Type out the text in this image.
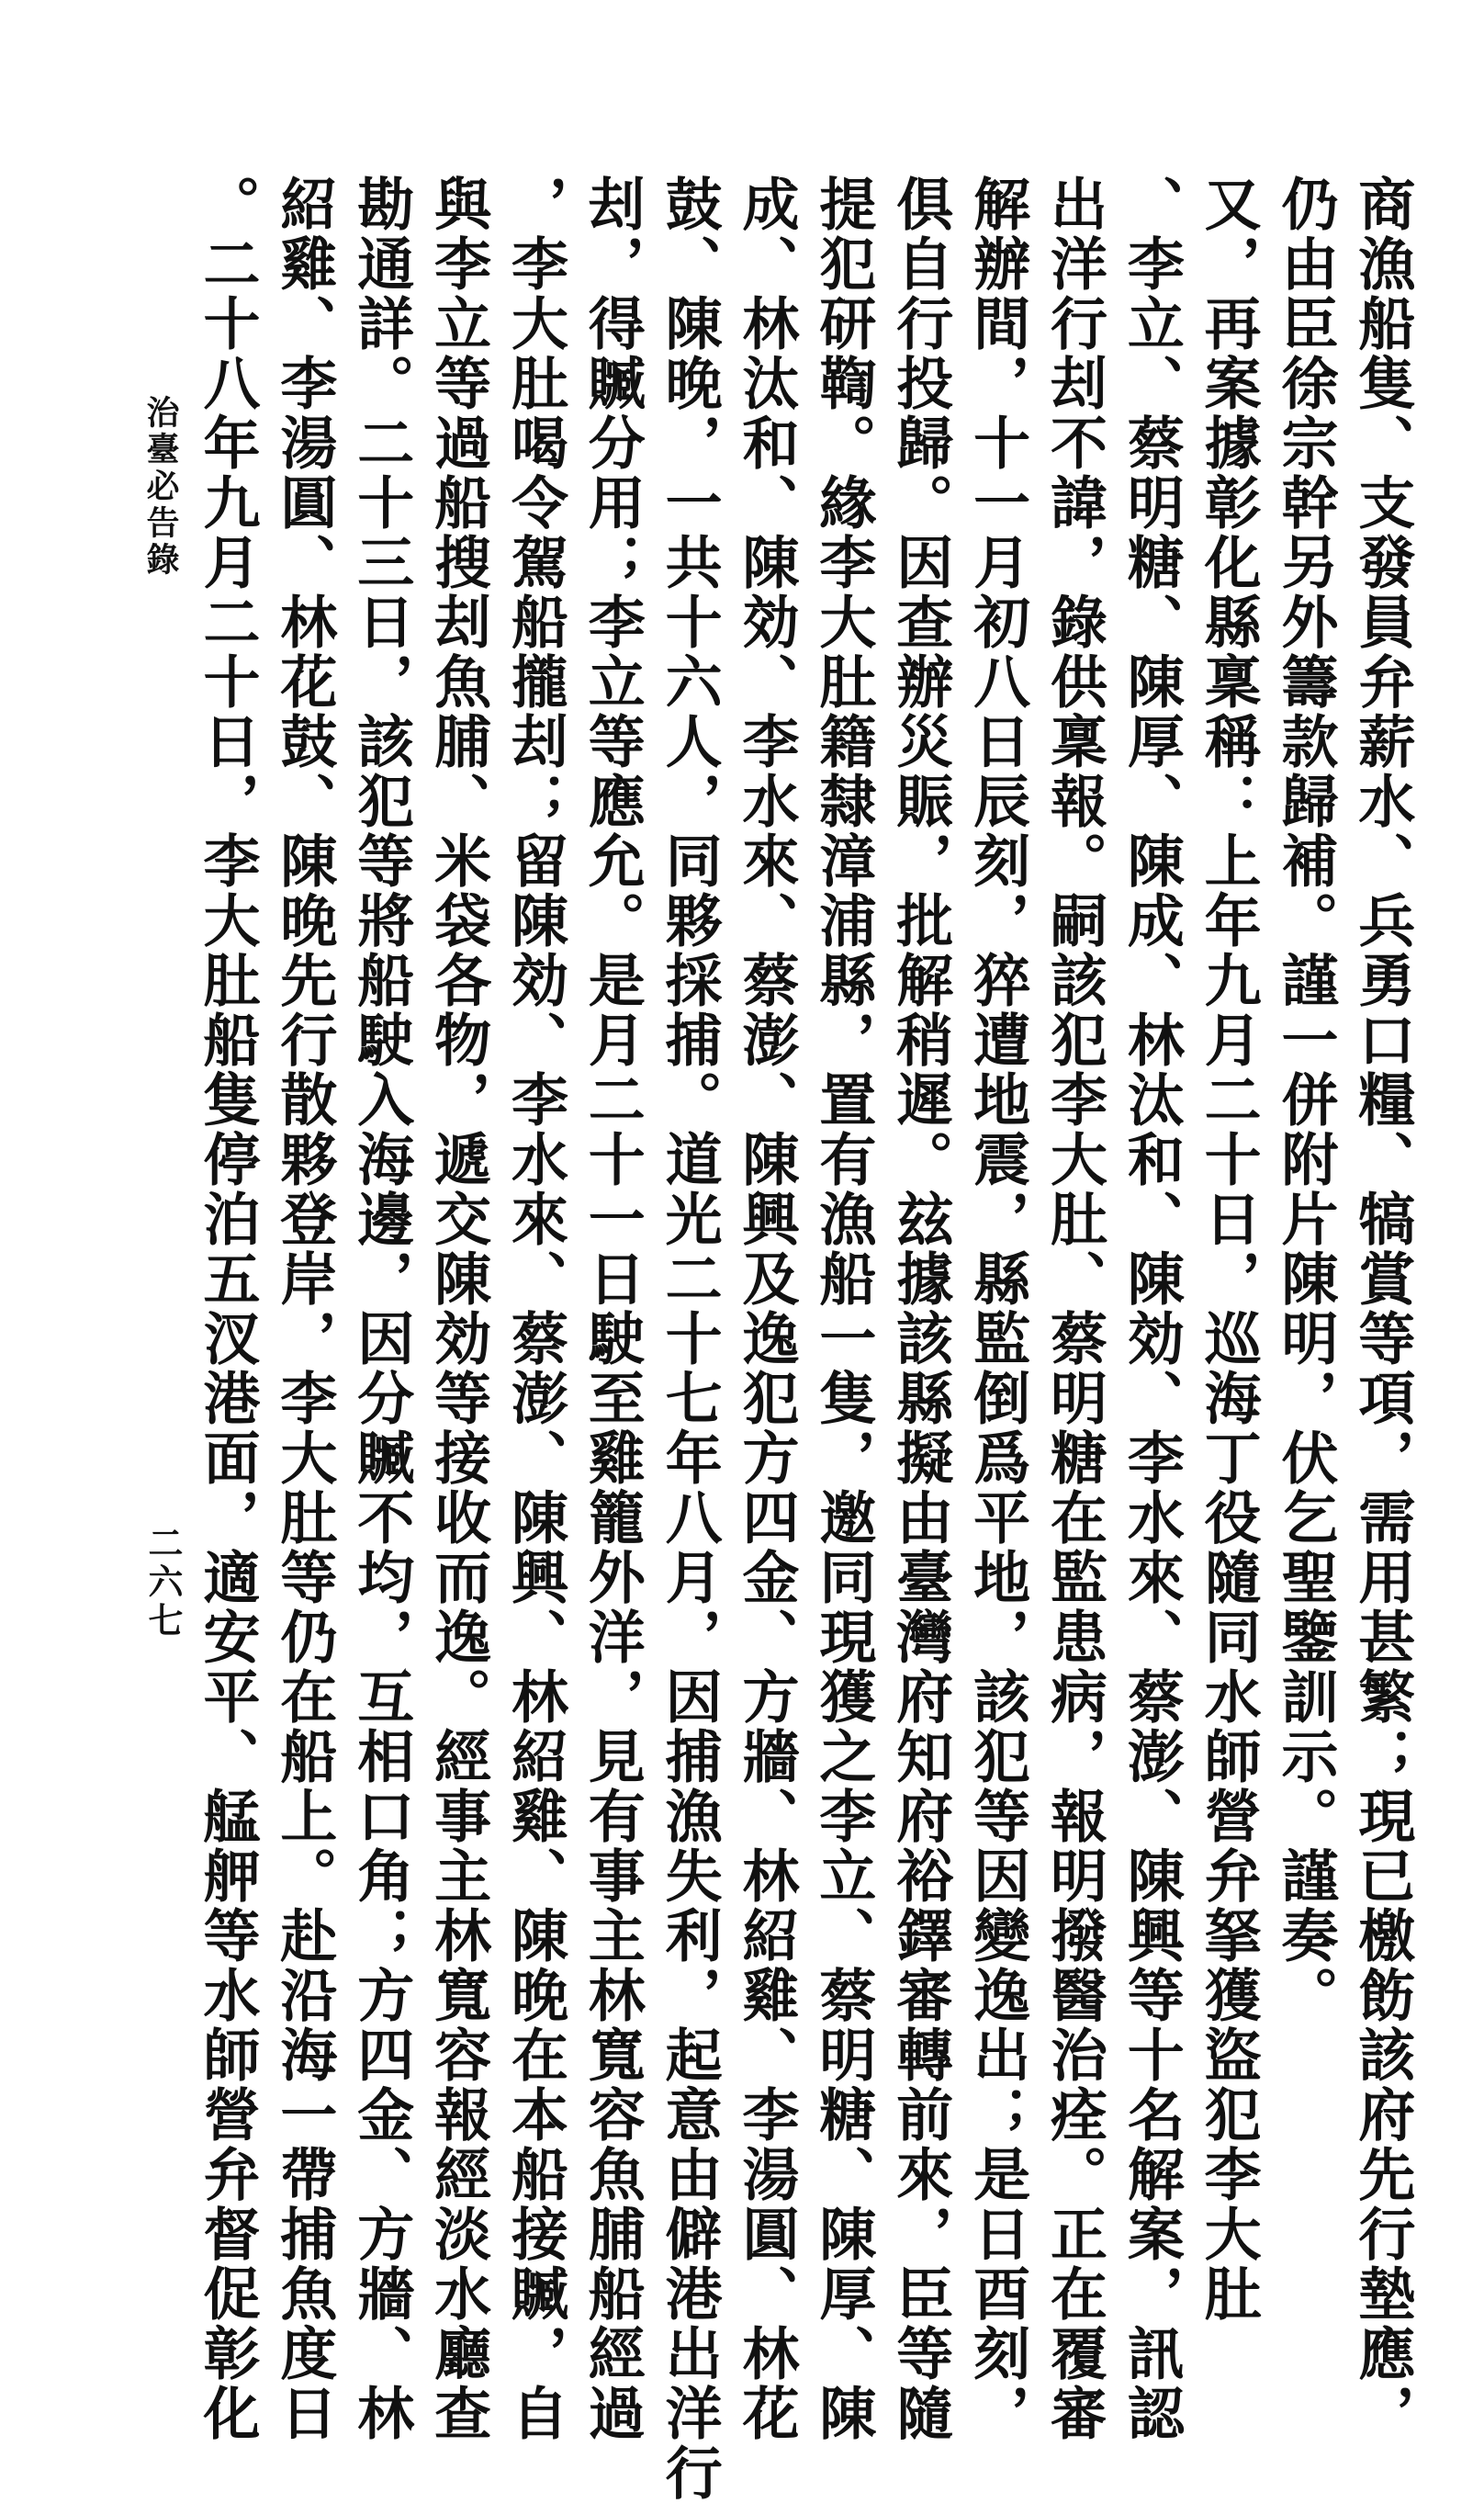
治臺必告錄
二六七	商漁船隻、支發員弁薪水、兵勇口糧、犒賞等項，需用甚繁；現已檄飭該府先行墊應，
仍由臣徐宗幹另外籌款歸補。謹一併附片陳明，伏乞聖鑒訓示。謹奏。
又，再案據彰化縣稟稱：上年九月二十日，巡海丁役隨同水師營弁拏獲盜犯李大肚
、李立、蔡明糖、陳厚、陳成、林汰和、陳効、李水來、蔡澎、陳興等十名解案，訊認
出洋行刦不諱，錄供稟報。嗣該犯李大肚、蔡明糖在監患病，報明撥醫治痊。正在覆審
解辦間，十一月初八日辰刻，猝遭地震，縣監倒爲平地，該犯等因變逸出；是日酉刻，
俱自行投歸。因查辦災賑，批解稍遲。玆據該縣擬由臺灣府知府裕鐸審轉前來，臣等隨
提犯研鞫。緣李大肚籍隸漳浦縣，置有漁船一隻，邀同現獲之李立、蔡明糖、陳厚、陳
成、林汰和、陳効、李水來、蔡澎、陳興及逸犯方四金、方牆、林紹雞、李湯圓、林花
鼓、陳晚，一共十六人，同夥採捕。道光二十七年八月，因捕漁失利，起意由僻港出洋行
刦，得贓分用；李立等應允。是月二十一日駛至雞籠外洋，見有事主林寬容魚脯船經過
，李大肚喝令駕船攏刦；留陳効、李水來、蔡澎、陳興、林紹雞、陳晚在本船接贓，自
與李立等過船搜刦魚脯、米袋各物，遞交陳効等接收而逸。經事主林寬容報經淡水廳查
勘通詳。二十三日，該犯等將船駛入海邊，因分贓不均，互相口角；方四金、方牆、林
紹雞、李湯圓、林花鼓、陳晚先行散夥登岸，李大肚等仍在船上。赴沿海一帶捕魚度日
。二十八年九月二十日，李大肚船隻停泊五汊港面，適安平、艋舺等水師營弁督促彰化
